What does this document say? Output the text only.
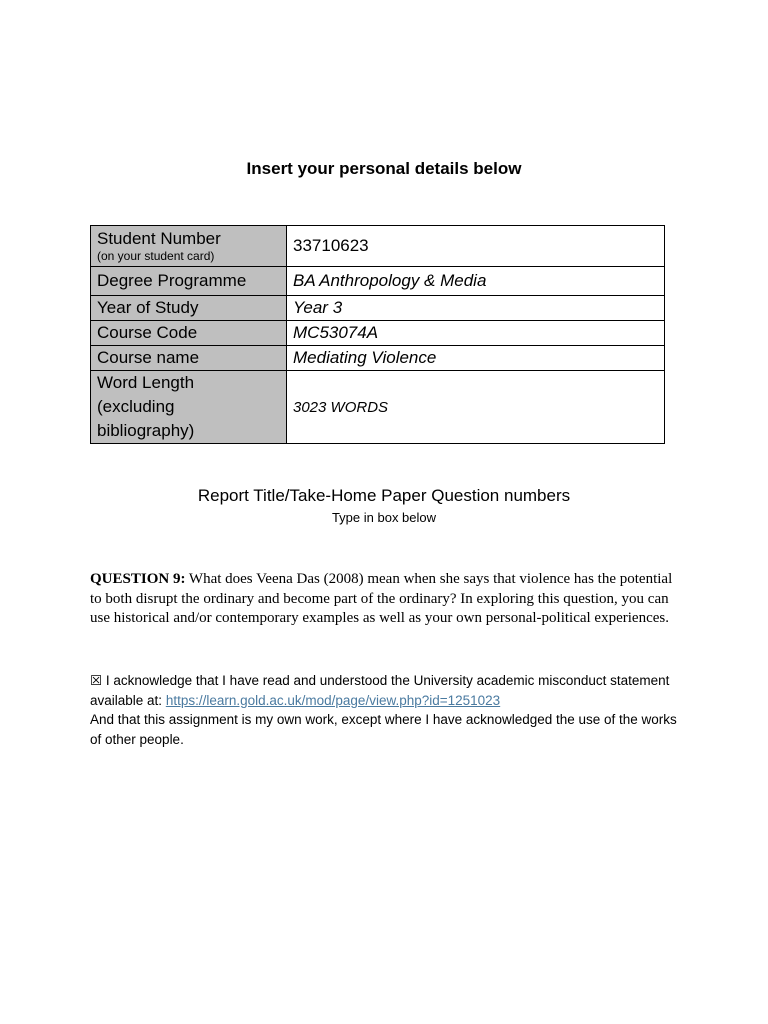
Insert your personal details below
Student Number
(on your student card)	33710623
Degree Programme	BA Anthropology & Media
Year of Study	Year 3
Course Code	MC53074A
Course name	Mediating Violence

Word Length
(excluding
bibliography)	3023 WORDS
Report Title/Take-Home Paper Question numbers
Type in box below
QUESTION 9: What does Veena Das (2008) mean when she says that violence has the potential to both disrupt the ordinary and become part of the ordinary? In exploring this question, you can use historical and/or contemporary examples as well as your own personal-political experiences.
☒ I acknowledge that I have read and understood the University academic misconduct statement available at: https://learn.gold.ac.uk/mod/page/view.php?id=1251023
And that this assignment is my own work, except where I have acknowledged the use of the works of other people.
